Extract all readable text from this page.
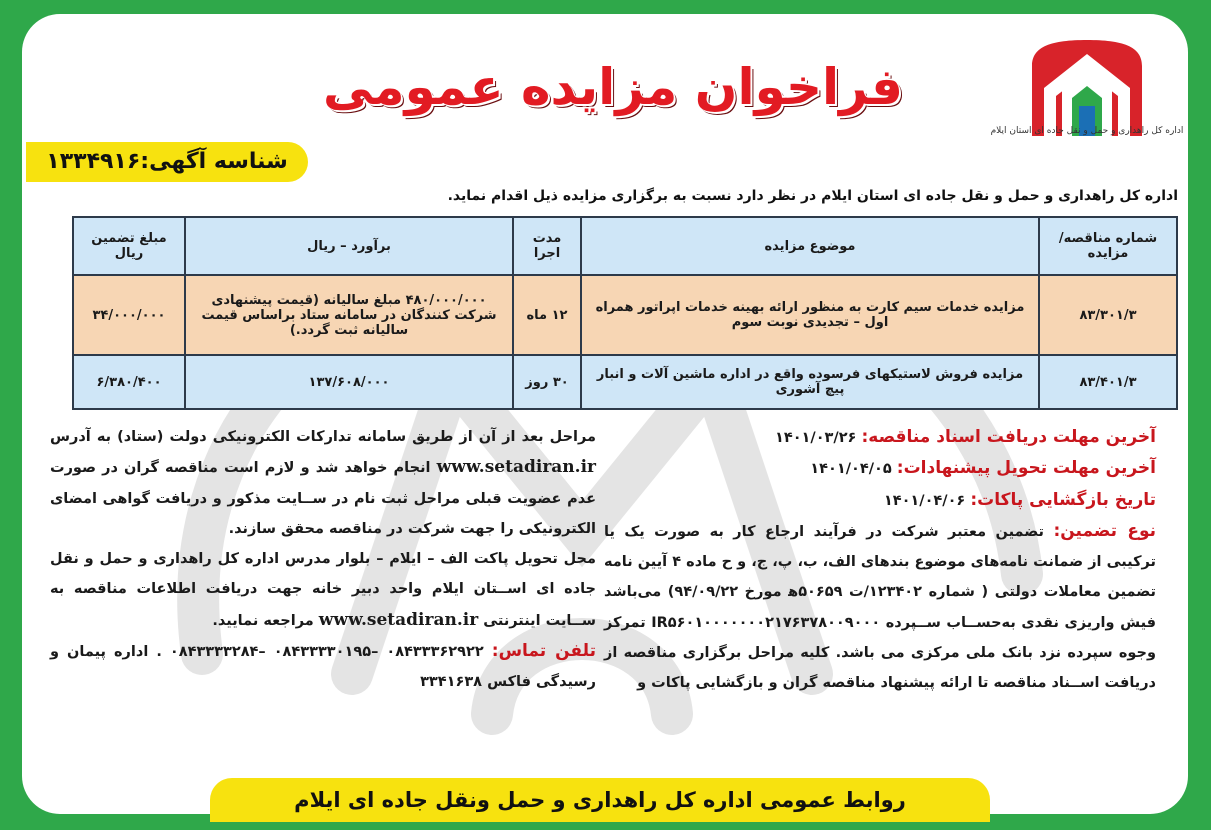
فراخوان مزایده عمومی
اداره کل راهداری و حمل و نقل جاده ای استان ایلام
شناسه آگهی:۱۳۳۴۹۱۶
اداره کل راهداری و حمل و نقل جاده ای استان ایلام در نظر دارد نسبت به برگزاری مزایده ذیل اقدام نماید.
شماره مناقصه/مزایده	موضوع مزایده	مدت اجرا	برآورد – ریال	مبلغ تضمین ریال
۸۳/۳۰۱/۳	مزایده خدمات سیم کارت به منظور ارائه بهینه خدمات اپراتور همراه اول – تجدیدی نوبت سوم	۱۲ ماه	۴۸۰/۰۰۰/۰۰۰ مبلغ سالیانه (قیمت پیشنهادی شرکت کنندگان در سامانه ستاد براساس قیمت سالیانه ثبت گردد.)	۳۴/۰۰۰/۰۰۰
۸۳/۴۰۱/۳	مزایده فروش لاستیکهای فرسوده واقع در اداره ماشین آلات و انبار پیچ آشوری	۳۰ روز	۱۳۷/۶۰۸/۰۰۰	۶/۳۸۰/۴۰۰
آخرین مهلت دریافت اسناد مناقصه: ۱۴۰۱/۰۳/۲۶
آخرین مهلت تحویل پیشنهادات: ۱۴۰۱/۰۴/۰۵
تاریخ بازگشایی پاکات: ۱۴۰۱/۰۴/۰۶
نوع تضمین: تضمین معتبر شرکت در فرآیند ارجاع کار به صورت یک یا ترکیبی از ضمانت نامه‌های موضوع بندهای الف، ب، پ، ج، و ح ماده ۴ آیین نامه تضمین معاملات دولتی ( شماره ۱۲۳۴۰۲/ت ۵۰۶۵۹ه‍ مورخ ۹۴/۰۹/۲۲) می‌باشد فیش واریزی نقدی به‌حســاب ســپرده IR۵۶۰۱۰۰۰۰۰۰۰۲۱۷۶۳۷۸۰۰۹۰۰۰ تمرکز وجوه سپرده نزد بانک ملی مرکزی می باشد. کلیه مراحل برگزاری مناقصه از دریافت اســناد مناقصه تا ارائه پیشنهاد مناقصه گران و بازگشایی پاکات و
مراحل بعد از آن از طریق سامانه تدارکات الکترونیکی دولت (ستاد) به آدرس www.setadiran.ir انجام خواهد شد و لازم است مناقصه گران در صورت عدم عضویت قبلی مراحل ثبت نام در ســایت مذکور و دریافت گواهی امضای الکترونیکی را جهت شرکت در مناقصه محقق سازند.
محل تحویل پاکت الف – ایلام – بلوار مدرس اداره کل راهداری و حمل و نقل جاده ای اســتان ایلام واحد دبیر خانه جهت دریافت اطلاعات مناقصه به ســایت اینترنتی www.setadiran.ir مراجعه نمایید.
تلفن تماس: ۰۸۴۳۳۳۶۲۹۲۲ –۰۸۴۳۳۳۳۰۱۹۵ –۰۸۴۳۳۳۳۲۸۴ . اداره پیمان و رسیدگی فاکس ۳۳۴۱۶۳۸
روابط عمومی اداره کل راهداری و حمل ونقل جاده ای ایلام
